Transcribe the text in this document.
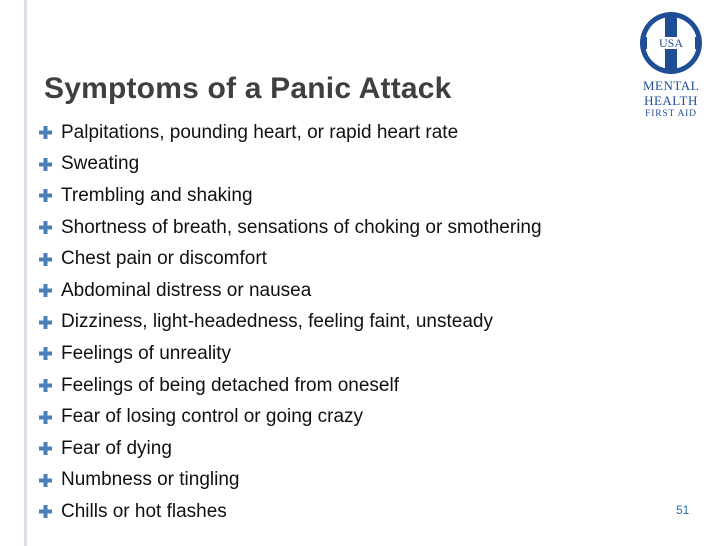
Symptoms of a Panic Attack
Palpitations, pounding heart, or rapid heart rate
Sweating
Trembling and shaking
Shortness of breath, sensations of choking or smothering
Chest pain or discomfort
Abdominal distress or nausea
Dizziness, light-headedness, feeling faint, unsteady
Feelings of unreality
Feelings of being detached from oneself
Fear of losing control or going crazy
Fear of dying
Numbness or tingling
Chills or hot flashes
USA
MENTAL
HEALTH
FIRST AID
51
